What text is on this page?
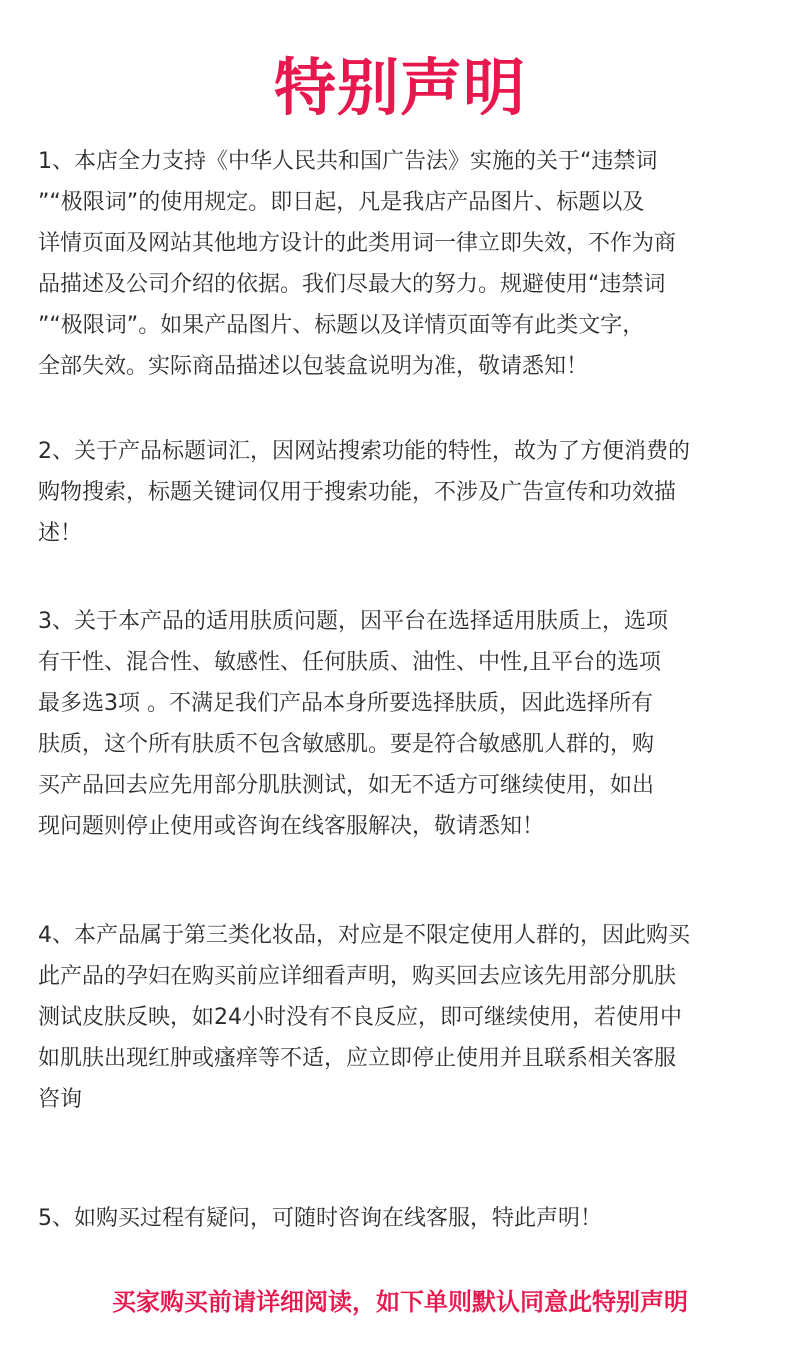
特别声明
1、本店全力支持《中华人民共和国广告法》实施的关于“违禁词
”“极限词”的使用规定。即日起，凡是我店产品图片、标题以及
详情页面及网站其他地方设计的此类用词一律立即失效，不作为商
品描述及公司介绍的依据。我们尽最大的努力。规避使用“违禁词
”“极限词”。如果产品图片、标题以及详情页面等有此类文字，
全部失效。实际商品描述以包装盒说明为准，敬请悉知！
2、关于产品标题词汇，因网站搜索功能的特性，故为了方便消费的
购物搜索，标题关键词仅用于搜索功能，不涉及广告宣传和功效描
述！
3、关于本产品的适用肤质问题，因平台在选择适用肤质上，选项
有干性、混合性、敏感性、任何肤质、油性、中性,且平台的选项
最多选3项 。不满足我们产品本身所要选择肤质，因此选择所有
肤质，这个所有肤质不包含敏感肌。要是符合敏感肌人群的，购
买产品回去应先用部分肌肤测试，如无不适方可继续使用，如出
现问题则停止使用或咨询在线客服解决，敬请悉知！
4、本产品属于第三类化妆品，对应是不限定使用人群的，因此购买
此产品的孕妇在购买前应详细看声明，购买回去应该先用部分肌肤
测试皮肤反映，如24小时没有不良反应，即可继续使用，若使用中
如肌肤出现红肿或瘙痒等不适，应立即停止使用并且联系相关客服
咨询
5、如购买过程有疑问，可随时咨询在线客服，特此声明！
买家购买前请详细阅读，如下单则默认同意此特别声明
